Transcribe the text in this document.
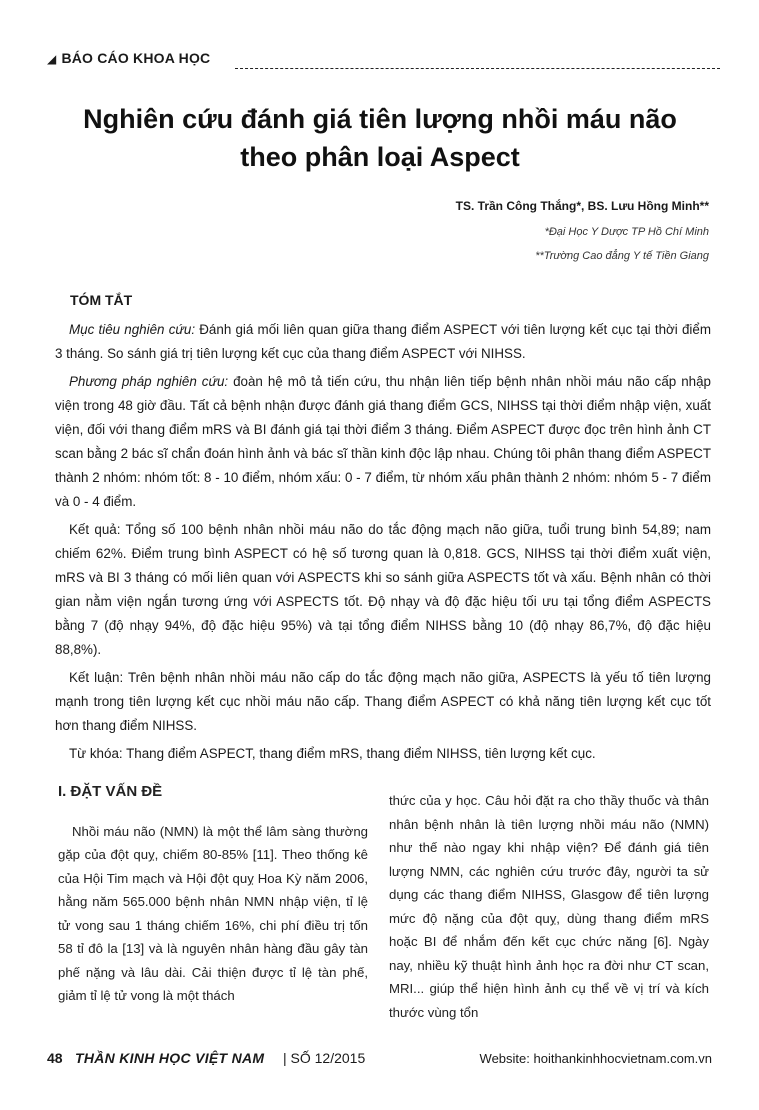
◢ BÁO CÁO KHOA HỌC
Nghiên cứu đánh giá tiên lượng nhồi máu não
theo phân loại Aspect
TS. Trần Công Thắng*, BS. Lưu Hồng Minh**
*Đại Học Y Dược TP Hồ Chí Minh
**Trường Cao đẳng Y tế Tiền Giang
TÓM TẮT

Mục tiêu nghiên cứu: Đánh giá mối liên quan giữa thang điểm ASPECT với tiên lượng kết cục tại thời điểm 3 tháng. So sánh giá trị tiên lượng kết cục của thang điểm ASPECT với NIHSS.

Phương pháp nghiên cứu: đoàn hệ mô tả tiến cứu, thu nhận liên tiếp bệnh nhân nhồi máu não cấp nhập viện trong 48 giờ đầu. Tất cả bệnh nhận được đánh giá thang điểm GCS, NIHSS tại thời điểm nhập viện, xuất viện, đối với thang điểm mRS và BI đánh giá tại thời điểm 3 tháng. Điểm ASPECT được đọc trên hình ảnh CT scan bằng 2 bác sĩ chẩn đoán hình ảnh và bác sĩ thần kinh độc lập nhau. Chúng tôi phân thang điểm ASPECT thành 2 nhóm: nhóm tốt: 8 - 10 điểm, nhóm xấu: 0 - 7 điểm, từ nhóm xấu phân thành 2 nhóm: nhóm 5 - 7 điểm và 0 - 4 điểm.

Kết quả: Tổng số 100 bệnh nhân nhồi máu não do tắc động mạch não giữa, tuổi trung bình 54,89; nam chiếm 62%. Điểm trung bình ASPECT có hệ số tương quan là 0,818. GCS, NIHSS tại thời điểm xuất viện, mRS và BI 3 tháng có mối liên quan với ASPECTS khi so sánh giữa ASPECTS tốt và xấu. Bệnh nhân có thời gian nằm viện ngắn tương ứng với ASPECTS tốt. Độ nhạy và độ đặc hiệu tối ưu tại tổng điểm ASPECTS bằng 7 (độ nhạy 94%, độ đặc hiệu 95%) và tại tổng điểm NIHSS bằng 10 (độ nhạy 86,7%, độ đặc hiệu 88,8%).

Kết luận: Trên bệnh nhân nhồi máu não cấp do tắc động mạch não giữa, ASPECTS là yếu tố tiên lượng mạnh trong tiên lượng kết cục nhồi máu não cấp. Thang điểm ASPECT có khả năng tiên lượng kết cục tốt hơn thang điểm NIHSS.

Từ khóa: Thang điểm ASPECT, thang điểm mRS, thang điểm NIHSS, tiên lượng kết cục.

I. ĐẶT VẤN ĐỀ

Nhồi máu não (NMN) là một thể lâm sàng thường gặp của đột quỵ, chiếm 80-85% [11]. Theo thống kê của Hội Tim mạch và Hội đột quỵ Hoa Kỳ năm 2006, hằng năm 565.000 bệnh nhân NMN nhập viện, tỉ lệ tử vong sau 1 tháng chiếm 16%, chi phí điều trị tốn 58 tỉ đô la [13] và là nguyên nhân hàng đầu gây tàn phế nặng và lâu dài. Cải thiện được tỉ lệ tàn phế, giảm tỉ lệ tử vong là một thách

thức của y học. Câu hỏi đặt ra cho thầy thuốc và thân nhân bệnh nhân là tiên lượng nhồi máu não (NMN) như thế nào ngay khi nhập viện? Để đánh giá tiên lượng NMN, các nghiên cứu trước đây, người ta sử dụng các thang điểm NIHSS, Glasgow để tiên lượng mức độ nặng của đột quỵ, dùng thang điểm mRS hoặc BI để nhắm đến kết cục chức năng [6]. Ngày nay, nhiều kỹ thuật hình ảnh học ra đời như CT scan, MRI... giúp thể hiện hình ảnh cụ thể về vị trí và kích thước vùng tổn

48 THẦN KINH HỌC VIỆT NAM | SỐ 12/2015	Website: hoithankinhhocvietnam.com.vn
